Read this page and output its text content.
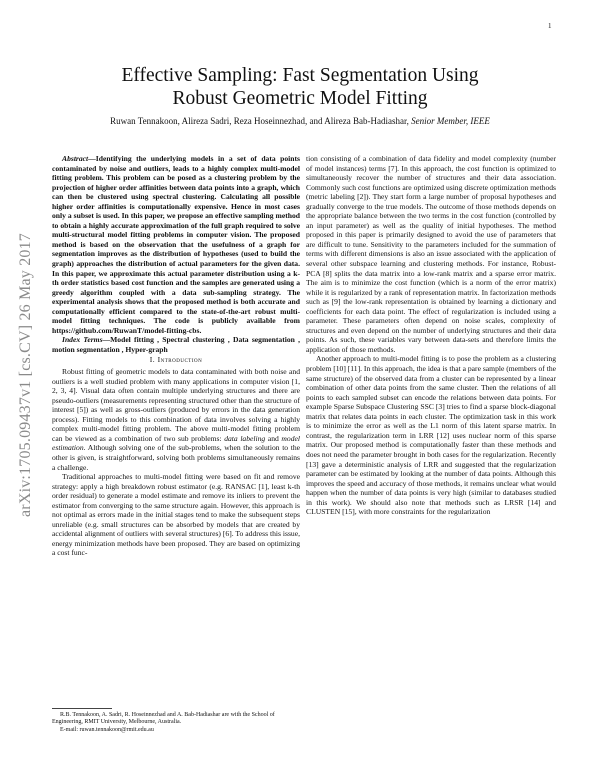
1
arXiv:1705.09437v1 [cs.CV] 26 May 2017
Effective Sampling: Fast Segmentation Using
Robust Geometric Model Fitting
Ruwan Tennakoon, Alireza Sadri, Reza Hoseinnezhad, and Alireza Bab-Hadiashar, Senior Member, IEEE

Abstract—Identifying the underlying models in a set of data points contaminated by noise and outliers, leads to a highly complex multi-model fitting problem. This problem can be posed as a clustering problem by the projection of higher order affinities between data points into a graph, which can then be clustered using spectral clustering. Calculating all possible higher order affinities is computationally expensive. Hence in most cases only a subset is used. In this paper, we propose an effective sampling method to obtain a highly accurate approximation of the full graph required to solve multi-structural model fitting problems in computer vision. The proposed method is based on the observation that the usefulness of a graph for segmentation improves as the distribution of hypotheses (used to build the graph) approaches the distribution of actual parameters for the given data. In this paper, we approximate this actual parameter distribution using a k-th order statistics based cost function and the samples are generated using a greedy algorithm coupled with a data sub-sampling strategy. The experimental analysis shows that the proposed method is both accurate and computationally efficient compared to the state-of-the-art robust multi-model fitting techniques. The code is publicly available from https://github.com/RuwanT/model-fitting-cbs.

Index Terms—Model fitting , Spectral clustering , Data segmentation , motion segmentation , Hyper-graph

I. Introduction

Robust fitting of geometric models to data contaminated with both noise and outliers is a well studied problem with many applications in computer vision [1, 2, 3, 4]. Visual data often contain multiple underlying structures and there are pseudo-outliers (measurements representing structured other than the structure of interest [5]) as well as gross-outliers (produced by errors in the data generation process). Fitting models to this combination of data involves solving a highly complex multi-model fitting problem. The above multi-model fitting problem can be viewed as a combination of two sub problems: data labeling and model estimation. Although solving one of the sub-problems, when the solution to the other is given, is straightforward, solving both problems simultaneously remains a challenge.

Traditional approaches to multi-model fitting were based on fit and remove strategy: apply a high breakdown robust estimator (e.g. RANSAC [1], least k-th order residual) to generate a model estimate and remove its inliers to prevent the estimator from converging to the same structure again. However, this approach is not optimal as errors made in the initial stages tend to make the subsequent steps unreliable (e.g. small structures can be absorbed by models that are created by accidental alignment of outliers with several structures) [6]. To address this issue, energy minimization methods have been proposed. They are based on optimizing a cost func-

R.B. Tennakoon, A. Sadri, R. Hoseinnezhad and A. Bab-Hadiashar are with the School of Engineering, RMIT University, Melbourne, Australia.

E-mail: ruwan.tennakoon@rmit.edu.au

tion consisting of a combination of data fidelity and model complexity (number of model instances) terms [7]. In this approach, the cost function is optimized to simultaneously recover the number of structures and their data association. Commonly such cost functions are optimized using discrete optimization methods (metric labeling [2]). They start form a large number of proposal hypotheses and gradually converge to the true models. The outcome of those methods depends on the appropriate balance between the two terms in the cost function (controlled by an input parameter) as well as the quality of initial hypotheses. The method proposed in this paper is primarily designed to avoid the use of parameters that are difficult to tune. Sensitivity to the parameters included for the summation of terms with different dimensions is also an issue associated with the application of several other subspace learning and clustering methods. For instance, Robust-PCA [8] splits the data matrix into a low-rank matrix and a sparse error matrix. The aim is to minimize the cost function (which is a norm of the error matrix) while it is regularized by a rank of representation matrix. In factorization methods such as [9] the low-rank representation is obtained by learning a dictionary and coefficients for each data point. The effect of regularization is included using a parameter. These parameters often depend on noise scales, complexity of structures and even depend on the number of underlying structures and their data points. As such, these variables vary between data-sets and therefore limits the application of those methods.

Another approach to multi-model fitting is to pose the problem as a clustering problem [10] [11]. In this approach, the idea is that a pare sample (members of the same structure) of the observed data from a cluster can be represented by a linear combination of other data points from the same cluster. Then the relations of all points to each sampled subset can encode the relations between data points. For example Sparse Subspace Clustering SSC [3] tries to find a sparse block-diagonal matrix that relates data points in each cluster. The optimization task in this work is to minimize the error as well as the L1 norm of this latent sparse matrix. In contrast, the regularization term in LRR [12] uses nuclear norm of this sparse matrix. Our proposed method is computationally faster than these methods and does not need the parameter brought in both cases for the regularization. Recently [13] gave a deterministic analysis of LRR and suggested that the regularization parameter can be estimated by looking at the number of data points. Although this improves the speed and accuracy of those methods, it remains unclear what would happen when the number of data points is very high (similar to databases studied in this work). We should also note that methods such as LRSR [14] and CLUSTEN [15], with more constraints for the regularization
